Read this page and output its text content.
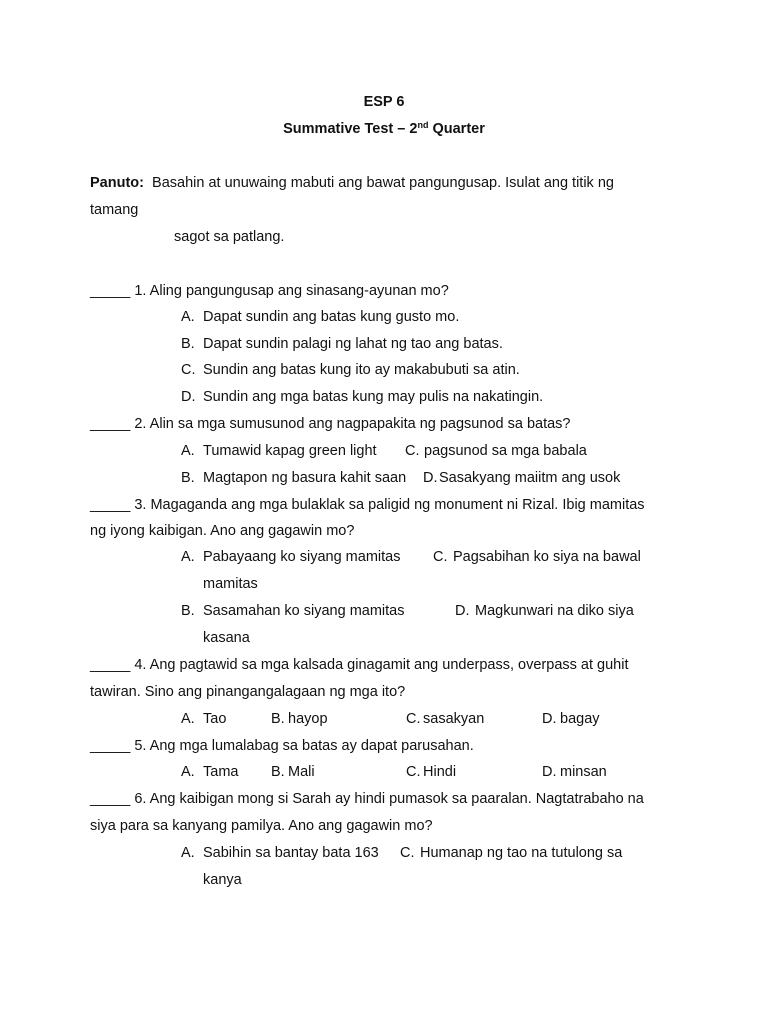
ESP 6
Summative Test – 2nd Quarter
Panuto: Basahin at unuwaing mabuti ang bawat pangungusap. Isulat ang titik ng
tamang
sagot sa patlang.
_____ 1. Aling pangungusap ang sinasang-ayunan mo?
A. Dapat sundin ang batas kung gusto mo.
B. Dapat sundin palagi ng lahat ng tao ang batas.
C. Sundin ang batas kung ito ay makabubuti sa atin.
D. Sundin ang mga batas kung may pulis na nakatingin.
_____ 2. Alin sa mga sumusunod ang nagpapakita ng pagsunod sa batas?
A. Tumawid kapag green light C. pagsunod sa mga babala
B. Magtapon ng basura kahit saan D. Sasakyang maiitm ang usok
_____ 3. Magaganda ang mga bulaklak sa paligid ng monument ni Rizal. Ibig mamitas
ng iyong kaibigan. Ano ang gagawin mo?
A. Pabayaang ko siyang mamitas C. Pagsabihan ko siya na bawal
mamitas
B. Sasamahan ko siyang mamitas	D. Magkunwari na diko siya
kasana
_____ 4. Ang pagtawid sa mga kalsada ginagamit ang underpass, overpass at guhit
tawiran. Sino ang pinangangalagaan ng mga ito?
A. Tao	B. hayop	C. sasakyan	D. bagay
_____ 5. Ang mga lumalabag sa batas ay dapat parusahan.
A. Tama B. Mali	C. Hindi	D. minsan
_____ 6. Ang kaibigan mong si Sarah ay hindi pumasok sa paaralan. Nagtatrabaho na
siya para sa kanyang pamilya. Ano ang gagawin mo?
A. Sabihin sa bantay bata 163 C. Humanap ng tao na tutulong sa
kanya
